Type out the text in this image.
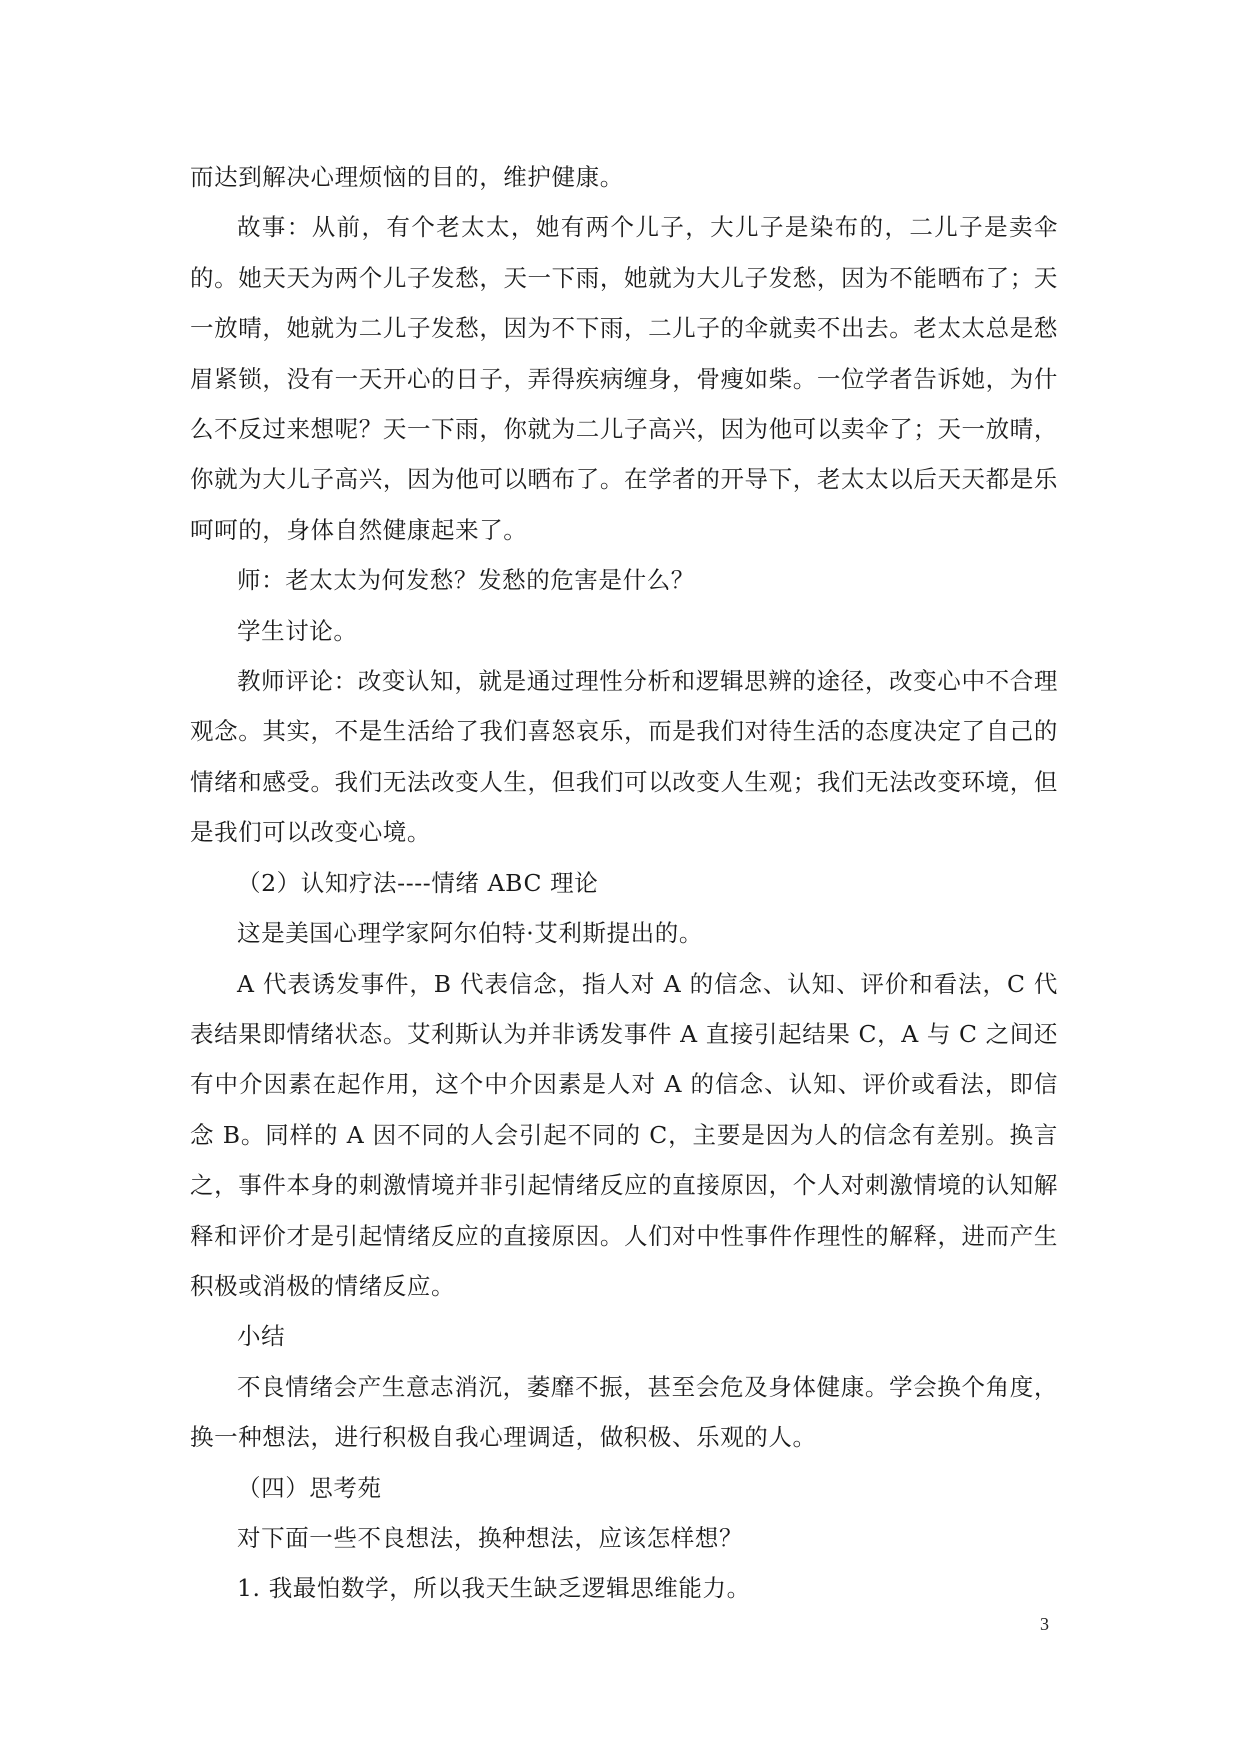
而达到解决心理烦恼的目的，维护健康。

故事：从前，有个老太太，她有两个儿子，大儿子是染布的，二儿子是卖伞的。她天天为两个儿子发愁，天一下雨，她就为大儿子发愁，因为不能晒布了；天一放晴，她就为二儿子发愁，因为不下雨，二儿子的伞就卖不出去。老太太总是愁眉紧锁，没有一天开心的日子，弄得疾病缠身，骨瘦如柴。一位学者告诉她，为什么不反过来想呢？天一下雨，你就为二儿子高兴，因为他可以卖伞了；天一放晴，你就为大儿子高兴，因为他可以晒布了。在学者的开导下，老太太以后天天都是乐呵呵的，身体自然健康起来了。

师：老太太为何发愁？发愁的危害是什么？

学生讨论。

教师评论：改变认知，就是通过理性分析和逻辑思辨的途径，改变心中不合理观念。其实，不是生活给了我们喜怒哀乐，而是我们对待生活的态度决定了自己的情绪和感受。我们无法改变人生，但我们可以改变人生观；我们无法改变环境，但是我们可以改变心境。

（2）认知疗法----情绪 ABC 理论

这是美国心理学家阿尔伯特·艾利斯提出的。

A 代表诱发事件，B 代表信念，指人对 A 的信念、认知、评价和看法，C 代表结果即情绪状态。艾利斯认为并非诱发事件 A 直接引起结果 C，A 与 C 之间还有中介因素在起作用，这个中介因素是人对 A 的信念、认知、评价或看法，即信念 B。同样的 A 因不同的人会引起不同的 C，主要是因为人的信念有差别。换言之，事件本身的刺激情境并非引起情绪反应的直接原因，个人对刺激情境的认知解释和评价才是引起情绪反应的直接原因。人们对中性事件作理性的解释，进而产生积极或消极的情绪反应。

小结

不良情绪会产生意志消沉，萎靡不振，甚至会危及身体健康。学会换个角度，换一种想法，进行积极自我心理调适，做积极、乐观的人。

（四）思考苑

对下面一些不良想法，换种想法，应该怎样想？

1. 我最怕数学，所以我天生缺乏逻辑思维能力。

3
